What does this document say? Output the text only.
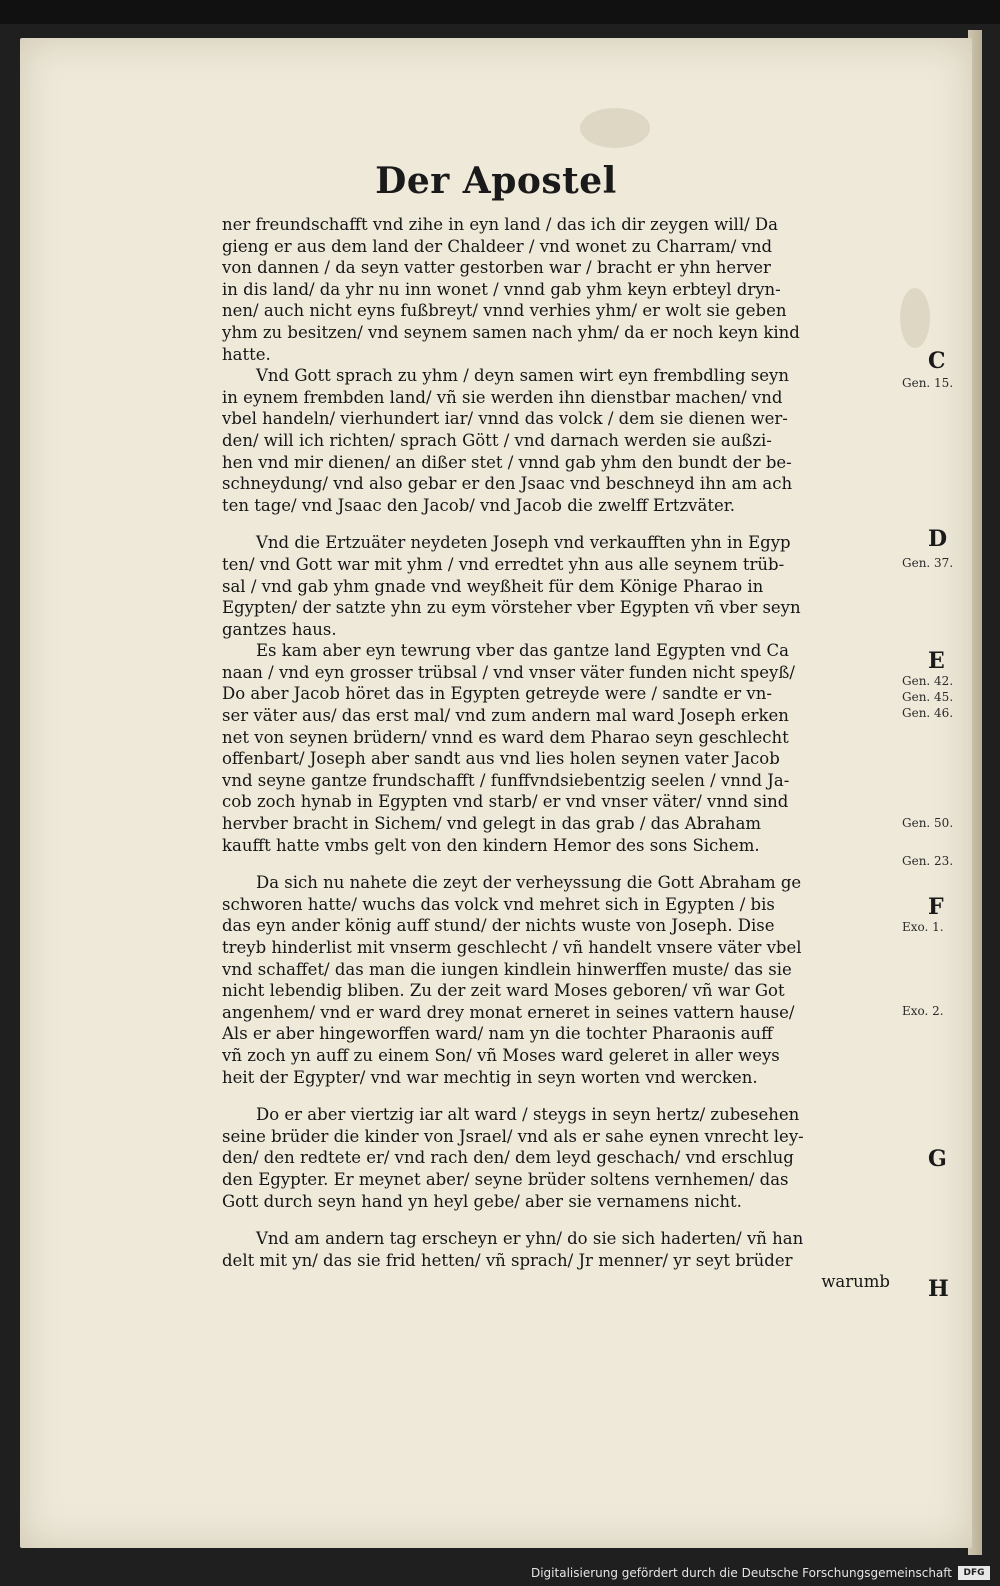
Der Apostel
ner freundschafft vnd zihe in eyn land / das ich dir zeygen will/ Da
gieng er aus dem land der Chaldeer / vnd wonet zu Charram/ vnd
von dannen / da seyn vatter gestorben war / bracht er yhn herver
in dis land/ da yhr nu inn wonet / vnnd gab yhm keyn erbteyl dryn-
nen/ auch nicht eyns fußbreyt/ vnnd verhies yhm/ er wolt sie geben
yhm zu besitzen/ vnd seynem samen nach yhm/ da er noch keyn kind
hatte.
Vnd Gott sprach zu yhm / deyn samen wirt eyn frembdling seyn
in eynem frembden land/ vñ sie werden ihn dienstbar machen/ vnd
vbel handeln/ vierhundert iar/ vnnd das volck / dem sie dienen wer-
den/ will ich richten/ sprach Gött / vnd darnach werden sie außzi-
hen vnd mir dienen/ an dißer stet / vnnd gab yhm den bundt der be-
schneydung/ vnd also gebar er den Jsaac vnd beschneyd ihn am ach
ten tage/ vnd Jsaac den Jacob/ vnd Jacob die zwelff Ertzväter.
Vnd die Ertzuäter neydeten Joseph vnd verkaufften yhn in Egyp
ten/ vnd Gott war mit yhm / vnd erredtet yhn aus alle seynem trüb-
sal / vnd gab yhm gnade vnd weyßheit für dem Könige Pharao in
Egypten/ der satzte yhn zu eym vörsteher vber Egypten vñ vber seyn
gantzes haus.
Es kam aber eyn tewrung vber das gantze land Egypten vnd Ca
naan / vnd eyn grosser trübsal / vnd vnser väter funden nicht speyß/
Do aber Jacob höret das in Egypten getreyde were / sandte er vn-
ser väter aus/ das erst mal/ vnd zum andern mal ward Joseph erken
net von seynen brüdern/ vnnd es ward dem Pharao seyn geschlecht
offenbart/ Joseph aber sandt aus vnd lies holen seynen vater Jacob
vnd seyne gantze frundschafft / funffvndsiebentzig seelen / vnnd Ja-
cob zoch hynab in Egypten vnd starb/ er vnd vnser väter/ vnnd sind
hervber bracht in Sichem/ vnd gelegt in das grab / das Abraham
kaufft hatte vmbs gelt von den kindern Hemor des sons Sichem.
Da sich nu nahete die zeyt der verheyssung die Gott Abraham ge
schworen hatte/ wuchs das volck vnd mehret sich in Egypten / bis
das eyn ander könig auff stund/ der nichts wuste von Joseph. Dise
treyb hinderlist mit vnserm geschlecht / vñ handelt vnsere väter vbel
vnd schaffet/ das man die iungen kindlein hinwerffen muste/ das sie
nicht lebendig bliben. Zu der zeit ward Moses geboren/ vñ war Got
angenhem/ vnd er ward drey monat erneret in seines vattern hause/
Als er aber hingeworffen ward/ nam yn die tochter Pharaonis auff
vñ zoch yn auff zu einem Son/ vñ Moses ward geleret in aller weys
heit der Egypter/ vnd war mechtig in seyn worten vnd wercken.
Do er aber viertzig iar alt ward / steygs in seyn hertz/ zubesehen
seine brüder die kinder von Jsrael/ vnd als er sahe eynen vnrecht ley-
den/ den redtete er/ vnd rach den/ dem leyd geschach/ vnd erschlug
den Egypter. Er meynet aber/ seyne brüder soltens vernhemen/ das
Gott durch seyn hand yn heyl gebe/ aber sie vernamens nicht.
Vnd am andern tag erscheyn er yhn/ do sie sich haderten/ vñ han
delt mit yn/ das sie frid hetten/ vñ sprach/ Jr menner/ yr seyt brüder
warumb
C
Gen. 15.
D
Gen. 37.
E
Gen. 42.
Gen. 45.
Gen. 46.
Gen. 50.
Gen. 23.
F
Exo. 1.
Exo. 2.
G
H
Digitalisierung gefördert durch die Deutsche Forschungsgemeinschaft	DFG
